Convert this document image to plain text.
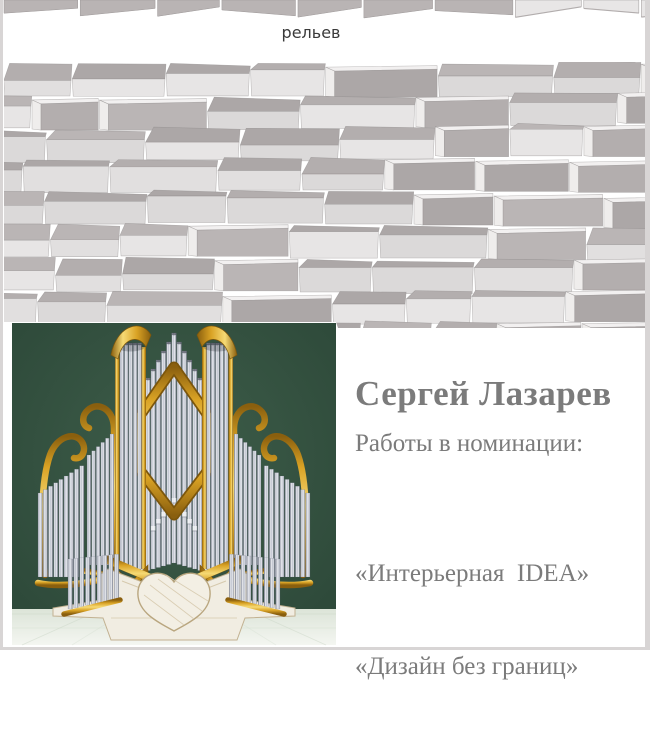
рельев
Сергей Лазарев
Работы в номинации:

«Интерьерная  IDEA»

«Дизайн без границ»
